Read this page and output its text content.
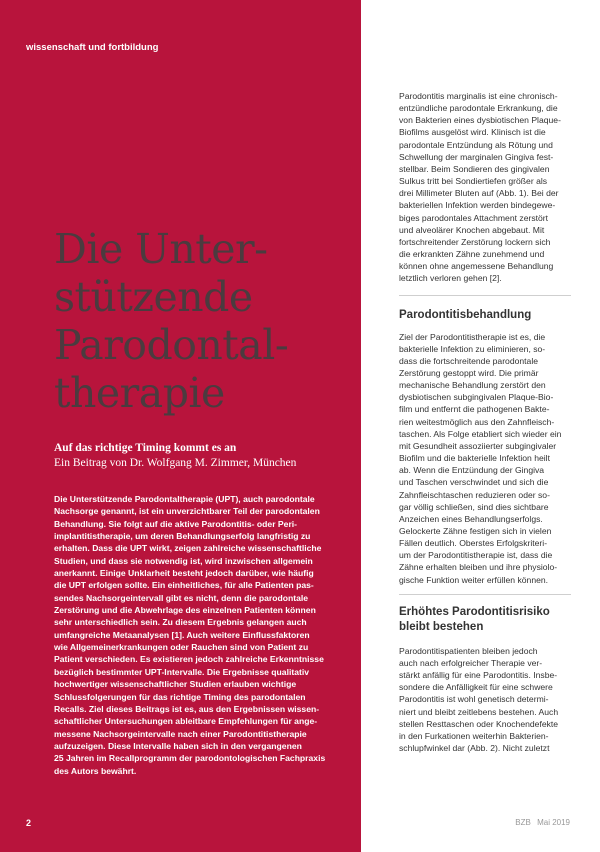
wissenschaft und fortbildung
Die Unter-
stützende
Parodontal-
therapie
Auf das richtige Timing kommt es an
Ein Beitrag von Dr. Wolfgang M. Zimmer, München
Die Unterstützende Parodontaltherapie (UPT), auch parodontale
Nachsorge genannt, ist ein unverzichtbarer Teil der parodontalen
Behandlung. Sie folgt auf die aktive Parodontitis- oder Peri-
implantitistherapie, um deren Behandlungserfolg langfristig zu
erhalten. Dass die UPT wirkt, zeigen zahlreiche wissenschaftliche
Studien, und dass sie notwendig ist, wird inzwischen allgemein
anerkannt. Einige Unklarheit besteht jedoch darüber, wie häufig
die UPT erfolgen sollte. Ein einheitliches, für alle Patienten pas-
sendes Nachsorgeintervall gibt es nicht, denn die parodontale
Zerstörung und die Abwehrlage des einzelnen Patienten können
sehr unterschiedlich sein. Zu diesem Ergebnis gelangen auch
umfangreiche Metaanalysen [1]. Auch weitere Einflussfaktoren
wie Allgemeinerkrankungen oder Rauchen sind von Patient zu
Patient verschieden. Es existieren jedoch zahlreiche Erkenntnisse
bezüglich bestimmter UPT-Intervalle. Die Ergebnisse qualitativ
hochwertiger wissenschaftlicher Studien erlauben wichtige
Schlussfolgerungen für das richtige Timing des parodontalen
Recalls. Ziel dieses Beitrags ist es, aus den Ergebnissen wissen-
schaftlicher Untersuchungen ableitbare Empfehlungen für ange-
messene Nachsorgeintervalle nach einer Parodontitistherapie
aufzuzeigen. Diese Intervalle haben sich in den vergangenen
25 Jahren im Recallprogramm der parodontologischen Fachpraxis
des Autors bewährt.
2
Parodontitis marginalis ist eine chronisch-
entzündliche parodontale Erkrankung, die
von Bakterien eines dysbiotischen Plaque-
Biofilms ausgelöst wird. Klinisch ist die
parodontale Entzündung als Rötung und
Schwellung der marginalen Gingiva fest-
stellbar. Beim Sondieren des gingivalen
Sulkus tritt bei Sondiertiefen größer als
drei Millimeter Bluten auf (Abb. 1). Bei der
bakteriellen Infektion werden bindegewe-
biges parodontales Attachment zerstört
und alveolärer Knochen abgebaut. Mit
fortschreitender Zerstörung lockern sich
die erkrankten Zähne zunehmend und
können ohne angemessene Behandlung
letztlich verloren gehen [2].
Parodontitisbehandlung
Ziel der Parodontitistherapie ist es, die
bakterielle Infektion zu eliminieren, so-
dass die fortschreitende parodontale
Zerstörung gestoppt wird. Die primär
mechanische Behandlung zerstört den
dysbiotischen subgingivalen Plaque-Bio-
film und entfernt die pathogenen Bakte-
rien weitestmöglich aus den Zahnfleisch-
taschen. Als Folge etabliert sich wieder ein
mit Gesundheit assoziierter subgingivaler
Biofilm und die bakterielle Infektion heilt
ab. Wenn die Entzündung der Gingiva
und Taschen verschwindet und sich die
Zahnfleischtaschen reduzieren oder so-
gar völlig schließen, sind dies sichtbare
Anzeichen eines Behandlungserfolgs.
Gelockerte Zähne festigen sich in vielen
Fällen deutlich. Oberstes Erfolgskriteri-
um der Parodontitistherapie ist, dass die
Zähne erhalten bleiben und ihre physiolo-
gische Funktion weiter erfüllen können.
Erhöhtes Parodontitisrisiko
bleibt bestehen
Parodontitispatienten bleiben jedoch
auch nach erfolgreicher Therapie ver-
stärkt anfällig für eine Parodontitis. Insbe-
sondere die Anfälligkeit für eine schwere
Parodontitis ist wohl genetisch determi-
niert und bleibt zeitlebens bestehen. Auch
stellen Resttaschen oder Knochendefekte
in den Furkationen weiterhin Bakterien-
schlupfwinkel dar (Abb. 2). Nicht zuletzt
BZB Mai 2019
